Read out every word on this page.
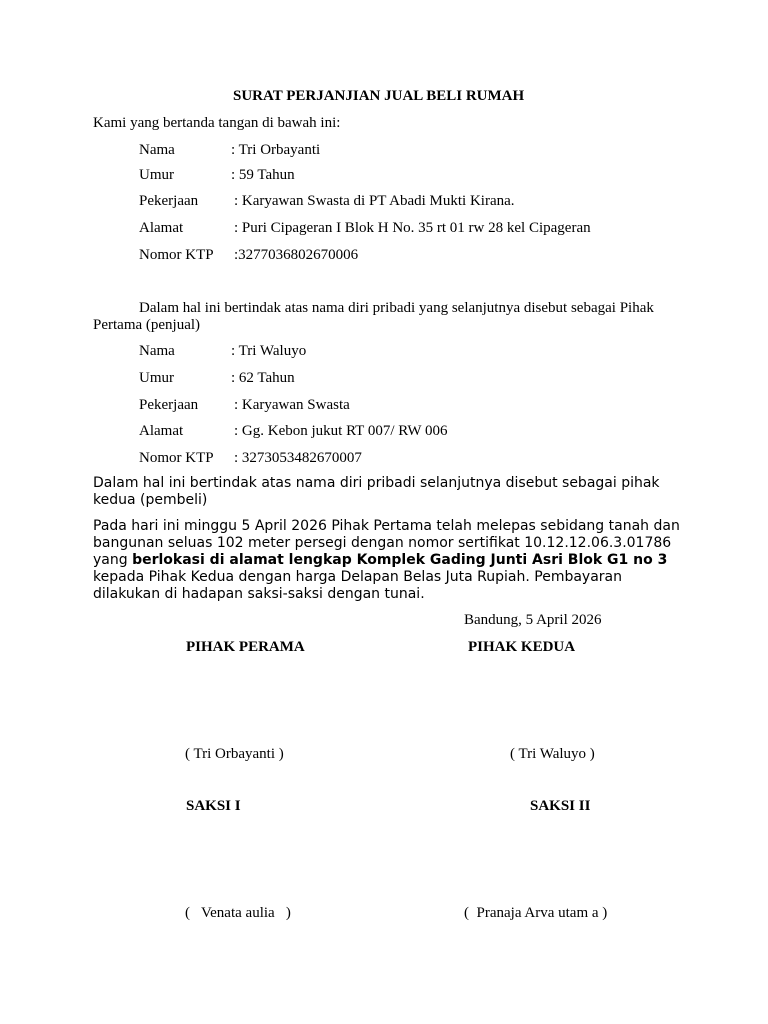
SURAT PERJANJIAN JUAL BELI RUMAH
Kami yang bertanda tangan di bawah ini:
Nama	: Tri Orbayanti
Umur	: 59 Tahun
Pekerjaan : Karyawan Swasta di PT Abadi Mukti Kirana.
Alamat	: Puri Cipageran I Blok H No. 35 rt 01 rw 28 kel Cipageran
Nomor KTP :3277036802670006
Dalam hal ini bertindak atas nama diri pribadi yang selanjutnya disebut sebagai Pihak Pertama (penjual)
Nama	: Tri Waluyo
Umur	: 62 Tahun
Pekerjaan : Karyawan Swasta
Alamat	: Gg. Kebon jukut RT 007/ RW 006
Nomor KTP : 3273053482670007
Dalam hal ini bertindak atas nama diri pribadi selanjutnya disebut sebagai pihak kedua (pembeli)
Pada hari ini minggu 5 April 2026 Pihak Pertama telah melepas sebidang tanah dan bangunan seluas 102 meter persegi dengan nomor sertifikat 10.12.12.06.3.01786 yang berlokasi di alamat lengkap Komplek Gading Junti Asri Blok G1 no 3 kepada Pihak Kedua dengan harga Delapan Belas Juta Rupiah. Pembayaran dilakukan di hadapan saksi-saksi dengan tunai.
Bandung, 5 April 2026
PIHAK PERAMA	PIHAK KEDUA
( Tri Orbayanti )	( Tri Waluyo )
SAKSI I	SAKSI II
(   Venata aulia   )	(  Pranaja Arva utam a )
